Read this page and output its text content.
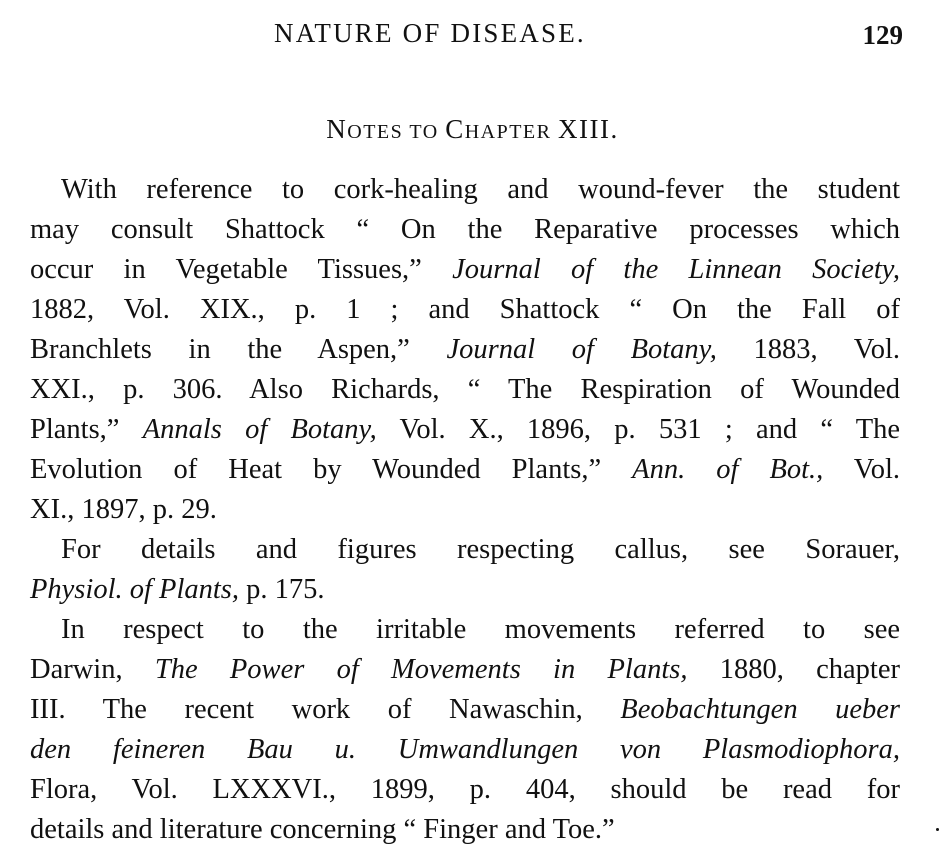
NATURE OF DISEASE.	129
NOTES TO CHAPTER XIII.
With reference to cork-healing and wound-fever the student
may consult Shattock “ On the Reparative processes which
occur in Vegetable Tissues,” Journal of the Linnean Society,
1882, Vol. XIX., p. 1 ; and Shattock “ On the Fall of
Branchlets in the Aspen,” Journal of Botany, 1883, Vol.
XXI., p. 306. Also Richards, “ The Respiration of Wounded
Plants,” Annals of Botany, Vol. X., 1896, p. 531 ; and “ The
Evolution of Heat by Wounded Plants,” Ann. of Bot., Vol.
XI., 1897, p. 29.
For details and figures respecting callus, see Sorauer,
Physiol. of Plants, p. 175.
In respect to the irritable movements referred to see
Darwin, The Power of Movements in Plants, 1880, chapter
III. The recent work of Nawaschin, Beobachtungen ueber
den feineren Bau u. Umwandlungen von Plasmodiophora,
Flora, Vol. LXXXVI., 1899, p. 404, should be read for
details and literature concerning “ Finger and Toe.”
